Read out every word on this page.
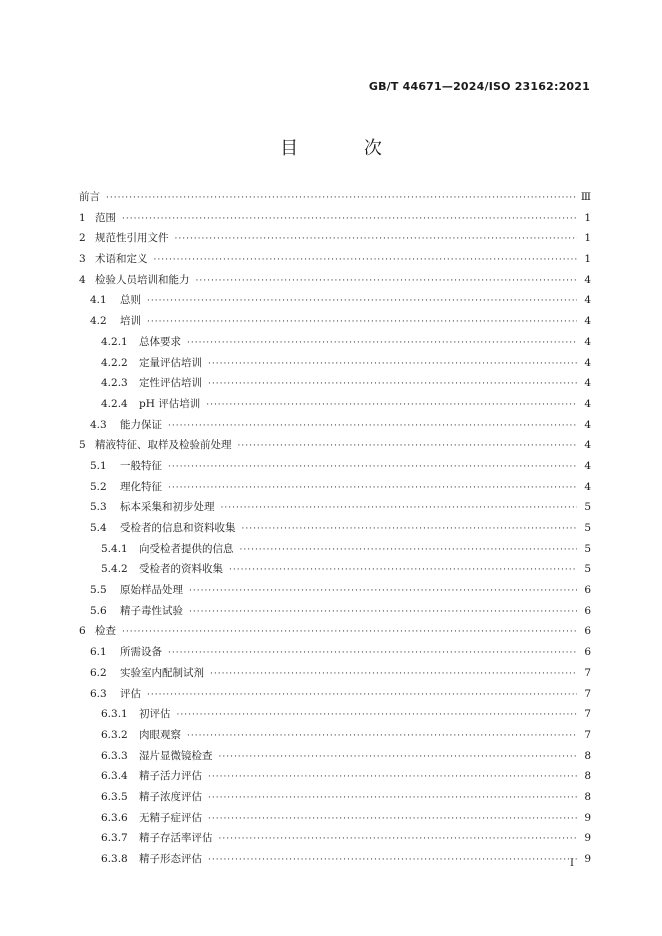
GB/T 44671—2024/ISO 23162:2021
目 次
前言 ·····	Ⅲ
1 范围 ·····	1
2 规范性引用文件 ·····	1
3 术语和定义 ·····	1
4 检验人员培训和能力 ·····	4
4.1	总则 ·····	4
4.2	培训 ·····	4
4.2.1	总体要求 ·····	4
4.2.2	定量评估培训 ·····	4
4.2.3	定性评估培训 ·····	4
4.2.4	pH 评估培训 ·····	4
4.3	能力保证 ·····	4
5 精液特征、取样及检验前处理 ·····	4
5.1	一般特征 ·····	4
5.2	理化特征 ·····	4
5.3	标本采集和初步处理 ·····	5
5.4	受检者的信息和资料收集 ·····	5
5.4.1	向受检者提供的信息 ·····	5
5.4.2	受检者的资料收集 ·····	5
5.5	原始样品处理 ·····	6
5.6	精子毒性试验 ·····	6
6 检查 ·····	6
6.1	所需设备 ·····	6
6.2	实验室内配制试剂 ·····	7
6.3	评估 ·····	7
6.3.1	初评估 ·····	7
6.3.2	肉眼观察 ·····	7
6.3.3	湿片显微镜检查 ·····	8
6.3.4	精子活力评估 ·····	8
6.3.5	精子浓度评估 ·····	8
6.3.6	无精子症评估 ·····	9
6.3.7	精子存活率评估 ·····	9
6.3.8	精子形态评估 ·····	9
I
